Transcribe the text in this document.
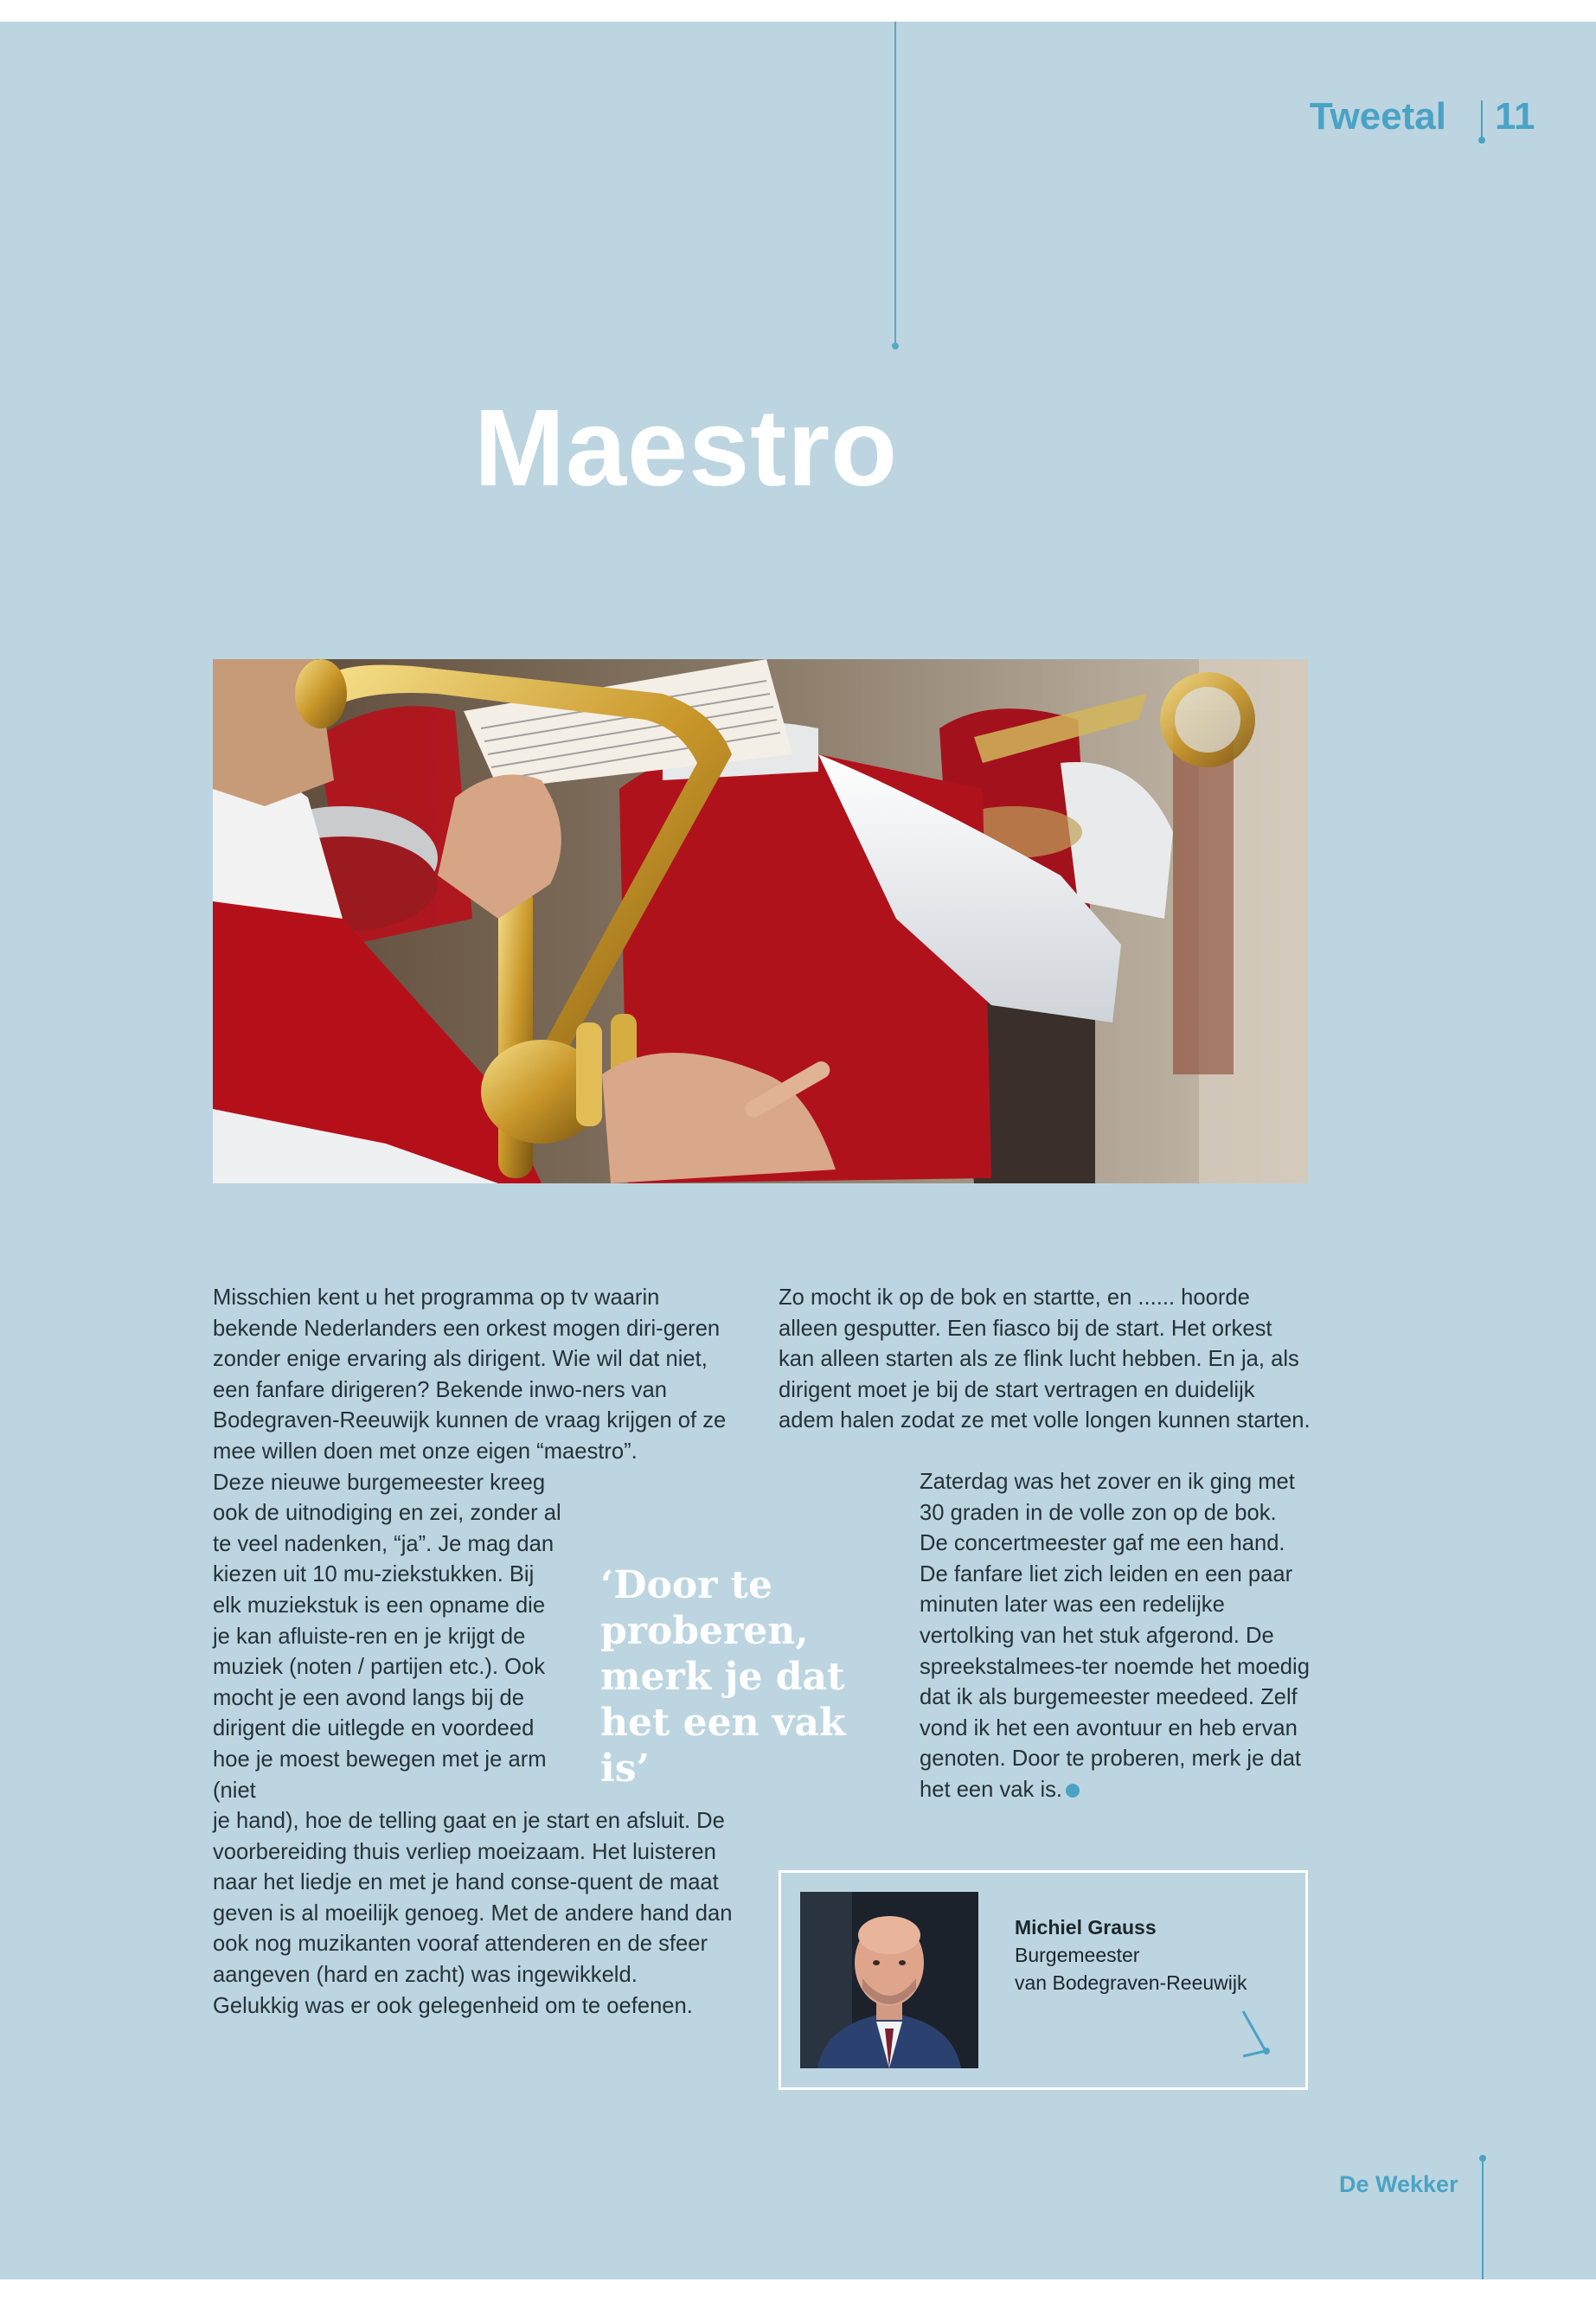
Tweetal 11
Maestro

Misschien kent u het programma op tv waarin bekende Nederlanders een orkest mogen diri-geren zonder enige ervaring als dirigent. Wie wil dat niet, een fanfare dirigeren? Bekende inwo-ners van Bodegraven-Reeuwijk kunnen de vraag krijgen of ze mee willen doen met onze eigen “maestro”.

Deze nieuwe burgemeester kreeg ook de uitnodiging en zei, zonder al te veel nadenken, “ja”. Je mag dan kiezen uit 10 mu-ziekstukken. Bij elk muziekstuk is een opname die je kan afluiste-ren en je krijgt de muziek (noten / partijen etc.). Ook mocht je een avond langs bij de dirigent die uitlegde en voordeed hoe je moest bewegen met je arm (niet

je hand), hoe de telling gaat en je start en afsluit. De voorbereiding thuis verliep moeizaam. Het luisteren naar het liedje en met je hand conse-quent de maat geven is al moeilijk genoeg. Met de andere hand dan ook nog muzikanten vooraf attenderen en de sfeer aangeven (hard en zacht) was ingewikkeld.

Gelukkig was er ook gelegenheid om te oefenen.

‘Door te proberen, merk je dat het een vak is’

Zo mocht ik op de bok en startte, en ...... hoorde alleen gesputter. Een fiasco bij de start. Het orkest kan alleen starten als ze flink lucht hebben. En ja, als dirigent moet je bij de start vertragen en duidelijk adem halen zodat ze met volle longen kunnen starten.

Zaterdag was het zover en ik ging met 30 graden in de volle zon op de bok. De concertmeester gaf me een hand. De fanfare liet zich leiden en een paar minuten later was een redelijke vertolking van het stuk afgerond. De spreekstalmees-ter noemde het moedig dat ik als burgemeester meedeed. Zelf vond ik het een avontuur en heb ervan genoten. Door te proberen, merk je dat het een vak is.

Michiel Grauss
Burgemeester
van Bodegraven-Reeuwijk
De Wekker
